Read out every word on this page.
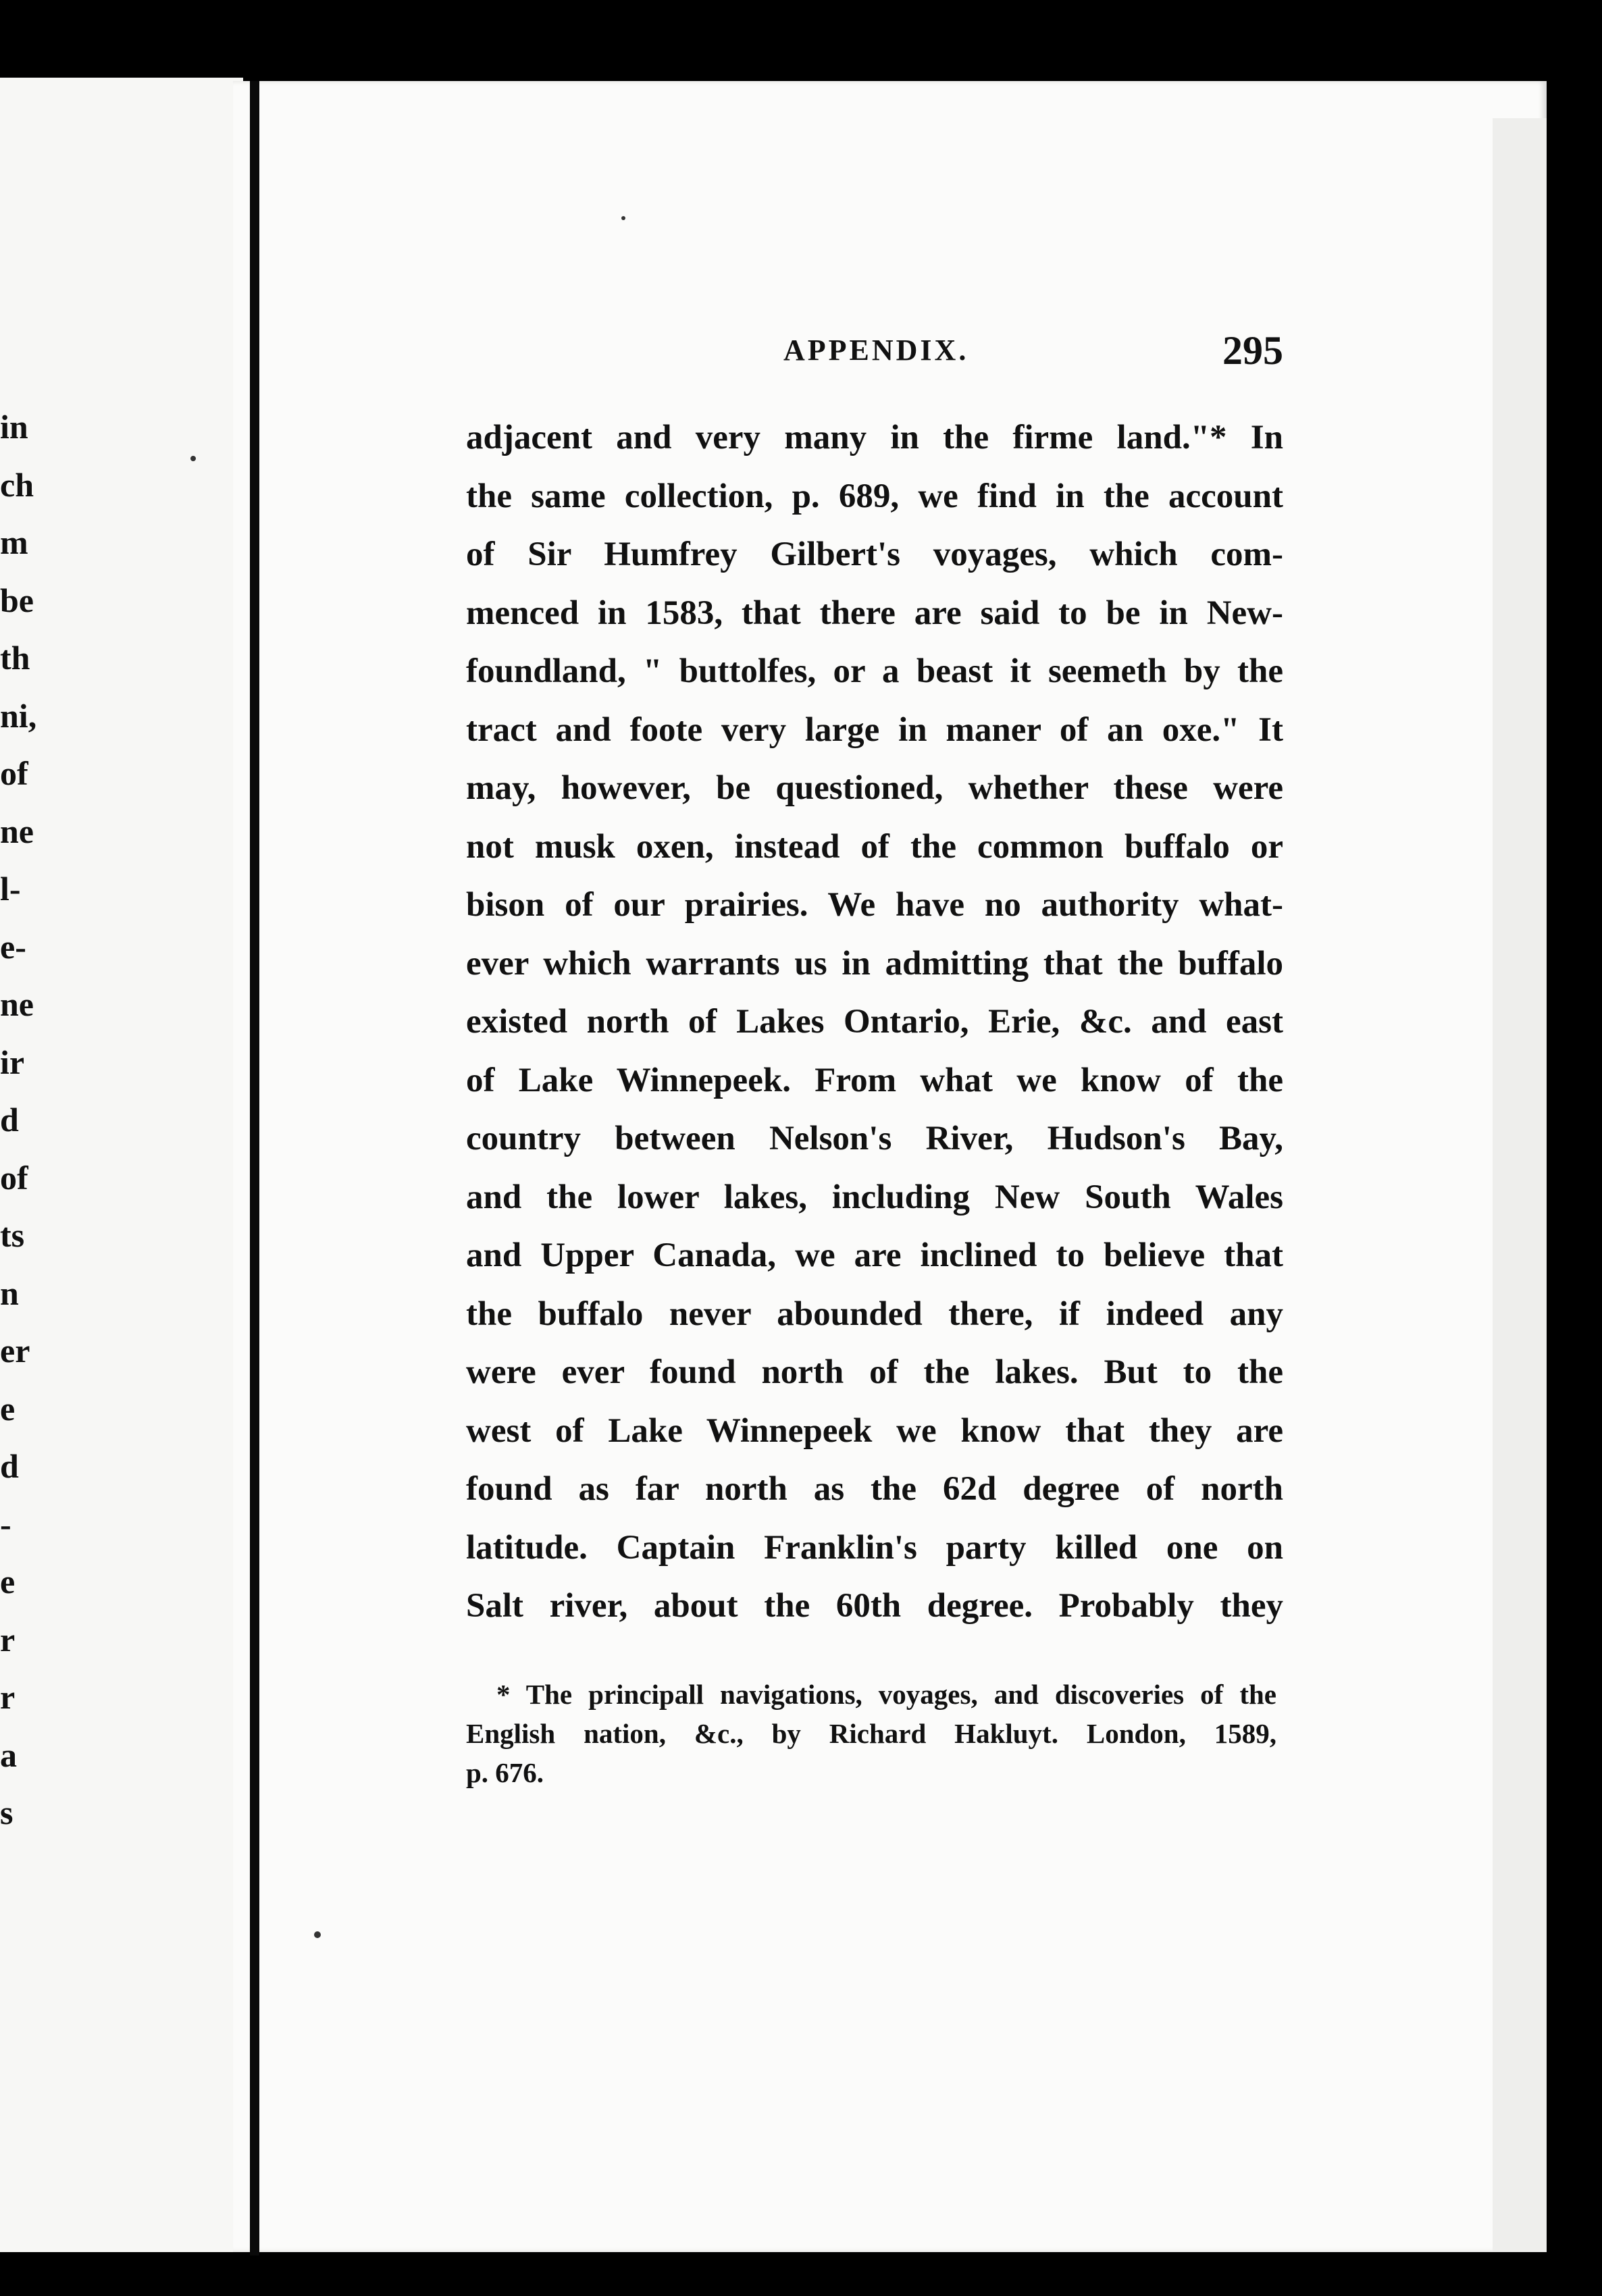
in
ch
m
be
th
ni,
of
ne
l-
e-
ne
ir
d
of
ts
n
er
e
d
-
e
r
r
a
s
APPENDIX.	295
adjacent and very many in the firme land."* In
the same collection, p. 689, we find in the account
of Sir Humfrey Gilbert's voyages, which com-
menced in 1583, that there are said to be in New-
foundland, " buttolfes, or a beast it seemeth by the
tract and foote very large in maner of an oxe." It
may, however, be questioned, whether these were
not musk oxen, instead of the common buffalo or
bison of our prairies. We have no authority what-
ever which warrants us in admitting that the buffalo
existed north of Lakes Ontario, Erie, &c. and east
of Lake Winnepeek. From what we know of the
country between Nelson's River, Hudson's Bay,
and the lower lakes, including New South Wales
and Upper Canada, we are inclined to believe that
the buffalo never abounded there, if indeed any
were ever found north of the lakes. But to the
west of Lake Winnepeek we know that they are
found as far north as the 62d degree of north
latitude. Captain Franklin's party killed one on
Salt river, about the 60th degree. Probably they
* The principall navigations, voyages, and discoveries of the
English nation, &c., by Richard Hakluyt. London, 1589,
p. 676.
